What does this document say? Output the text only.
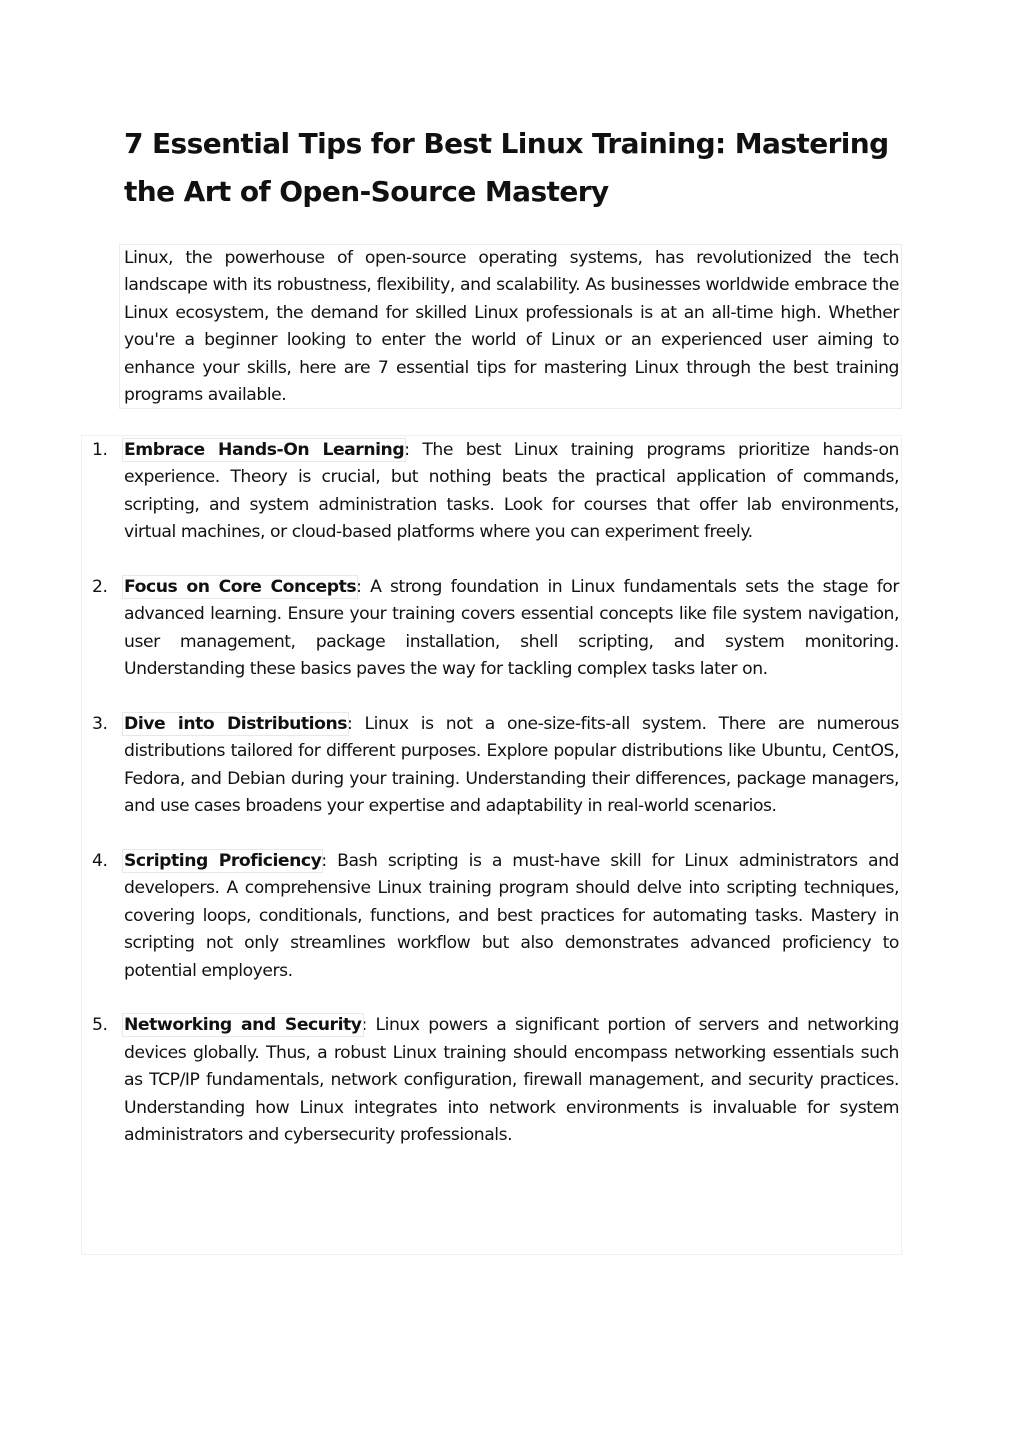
7 Essential Tips for Best Linux Training: Mastering the Art of Open-Source Mastery

Linux, the powerhouse of open-source operating systems, has revolutionized the tech landscape with its robustness, flexibility, and scalability. As businesses worldwide embrace the Linux ecosystem, the demand for skilled Linux professionals is at an all-time high. Whether you're a beginner looking to enter the world of Linux or an experienced user aiming to enhance your skills, here are 7 essential tips for mastering Linux through the best training programs available.

1. Embrace Hands-On Learning: The best Linux training programs prioritize hands-on experience. Theory is crucial, but nothing beats the practical application of commands, scripting, and system administration tasks. Look for courses that offer lab environments, virtual machines, or cloud-based platforms where you can experiment freely.
2. Focus on Core Concepts: A strong foundation in Linux fundamentals sets the stage for advanced learning. Ensure your training covers essential concepts like file system navigation, user management, package installation, shell scripting, and system monitoring. Understanding these basics paves the way for tackling complex tasks later on.
3. Dive into Distributions: Linux is not a one-size-fits-all system. There are numerous distributions tailored for different purposes. Explore popular distributions like Ubuntu, CentOS, Fedora, and Debian during your training. Understanding their differences, package managers, and use cases broadens your expertise and adaptability in real-world scenarios.
4. Scripting Proficiency: Bash scripting is a must-have skill for Linux administrators and developers. A comprehensive Linux training program should delve into scripting techniques, covering loops, conditionals, functions, and best practices for automating tasks. Mastery in scripting not only streamlines workflow but also demonstrates advanced proficiency to potential employers.
5. Networking and Security: Linux powers a significant portion of servers and networking devices globally. Thus, a robust Linux training should encompass networking essentials such as TCP/IP fundamentals, network configuration, firewall management, and security practices. Understanding how Linux integrates into network environments is invaluable for system administrators and cybersecurity professionals.
